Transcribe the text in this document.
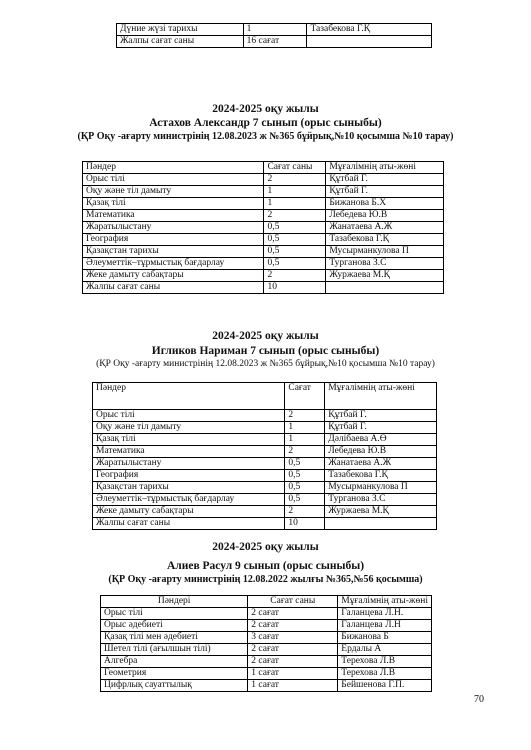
Дүние жүзі тарихы	1	Тазабекова Г.Қ
Жалпы сағат саны	16 сағат	
2024-2025 оқу жылы
Астахов Александр 7 сынып (орыс сыныбы)
(ҚР Оқу -ағарту министрінің 12.08.2023 ж №365 бұйрық,№10 қосымша №10 тарау)
Пәндер	Сағат саны	Мұғалімнің аты-жөні
Орыс тілі	2	Құтбай Г.
Оқу және тіл дамыту	1	Құтбай Г.
Қазақ тілі	1	Бижанова Б.Х
Математика	2	Лебедева Ю.В
Жаратылыстану	0,5	Жанатаева А.Ж
География	0,5	Тазабекова Г.Қ
Қазақстан тарихы	0,5	Мусырманкулова П
Әлеуметтік–тұрмыстық бағдарлау	0,5	Турганова З.С
Жеке дамыту сабақтары	2	Журжаева М.Қ
Жалпы сағат саны	10	
2024-2025 оқу жылы
Игликов Нариман 7 сынып (орыс сыныбы)
(ҚР Оқу -ағарту министрінің 12.08.2023 ж №365 бұйрық,№10 қосымша №10 тарау)
Пәндер	Сағат	Мұғалімнің аты-жөні
Орыс тілі	2	Құтбай Г.
Оқу және тіл дамыту	1	Құтбай Г.
Қазақ тілі	1	Дәлібаева А.Ө
Математика	2	Лебедева Ю.В
Жаратылыстану	0,5	Жанатаева А.Ж
География	0,5	Тазабекова Г.Қ
Қазақстан тарихы	0,5	Мусырманкулова П
Әлеуметтік–тұрмыстық бағдарлау	0,5	Турганова З.С
Жеке дамыту сабақтары	2	Журжаева М.Қ
Жалпы сағат саны	10	
2024-2025 оқу жылы
Алиев Расул 9 сынып (орыс сыныбы)
(ҚР Оқу -ағарту министрінің 12.08.2022 жылғы №365,№56 қосымша)
Пәндері	Сағат саны	Мұғалімнің аты-жөні
Орыс тілі	2 сағат	Галанцева Л.Н.
Орыс әдебиеті	2 сағат	Галанцева Л.Н
Қазақ тілі мен әдебиеті	3 сағат	Бижанова Б
Шетел тілі (ағылшын тілі)	2 сағат	Ердалы А
Алгебра	2 сағат	Терехова Л.В
Геометрия	1 сағат	Терехова Л.В
Цифрлық сауаттылық	1 сағат	Бейшенова Г.П.
70
